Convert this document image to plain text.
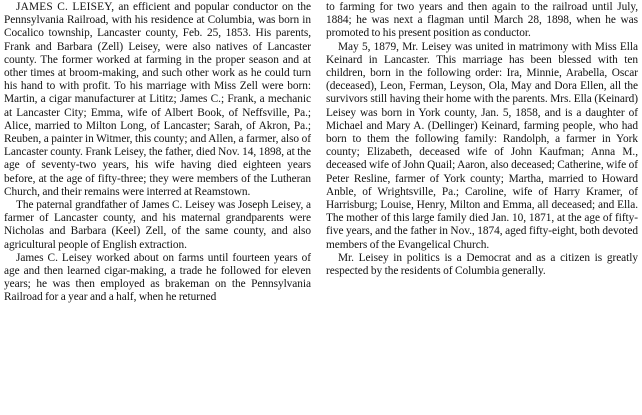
JAMES C. LEISEY, an efficient and popular conductor on the Pennsylvania Railroad, with his residence at Columbia, was born in Cocalico township, Lancaster county, Feb. 25, 1853. His parents, Frank and Barbara (Zell) Leisey, were also natives of Lancaster county. The former worked at farming in the proper season and at other times at broom-making, and such other work as he could turn his hand to with profit. To his marriage with Miss Zell were born: Martin, a cigar manufacturer at Lititz; James C.; Frank, a mechanic at Lancaster City; Emma, wife of Albert Book, of Neffsville, Pa.; Alice, married to Milton Long, of Lancaster; Sarah, of Akron, Pa.; Reuben, a painter in Witmer, this county; and Allen, a farmer, also of Lancaster county. Frank Leisey, the father, died Nov. 14, 1898, at the age of seventy-two years, his wife having died eighteen years before, at the age of fifty-three; they were members of the Lutheran Church, and their remains were interred at Reamstown.

The paternal grandfather of James C. Leisey was Joseph Leisey, a farmer of Lancaster county, and his maternal grandparents were Nicholas and Barbara (Keel) Zell, of the same county, and also agricultural people of English extraction.

James C. Leisey worked about on farms until fourteen years of age and then learned cigar-making, a trade he followed for eleven years; he was then employed as brakeman on the Pennsylvania Railroad for a year and a half, when he returned

to farming for two years and then again to the railroad until July, 1884; he was next a flagman until March 28, 1898, when he was promoted to his present position as conductor.

May 5, 1879, Mr. Leisey was united in matrimony with Miss Ella Keinard in Lancaster. This marriage has been blessed with ten children, born in the following order: Ira, Minnie, Arabella, Oscar (deceased), Leon, Ferman, Leyson, Ola, May and Dora Ellen, all the survivors still having their home with the parents. Mrs. Ella (Keinard) Leisey was born in York county, Jan. 5, 1858, and is a daughter of Michael and Mary A. (Dellinger) Keinard, farming people, who had born to them the following family: Randolph, a farmer in York county; Elizabeth, deceased wife of John Kaufman; Anna M., deceased wife of John Quail; Aaron, also deceased; Catherine, wife of Peter Resline, farmer of York county; Martha, married to Howard Anble, of Wrightsville, Pa.; Caroline, wife of Harry Kramer, of Harrisburg; Louise, Henry, Milton and Emma, all deceased; and Ella. The mother of this large family died Jan. 10, 1871, at the age of fifty-five years, and the father in Nov., 1874, aged fifty-eight, both devoted members of the Evangelical Church.

Mr. Leisey in politics is a Democrat and as a citizen is greatly respected by the residents of Columbia generally.
